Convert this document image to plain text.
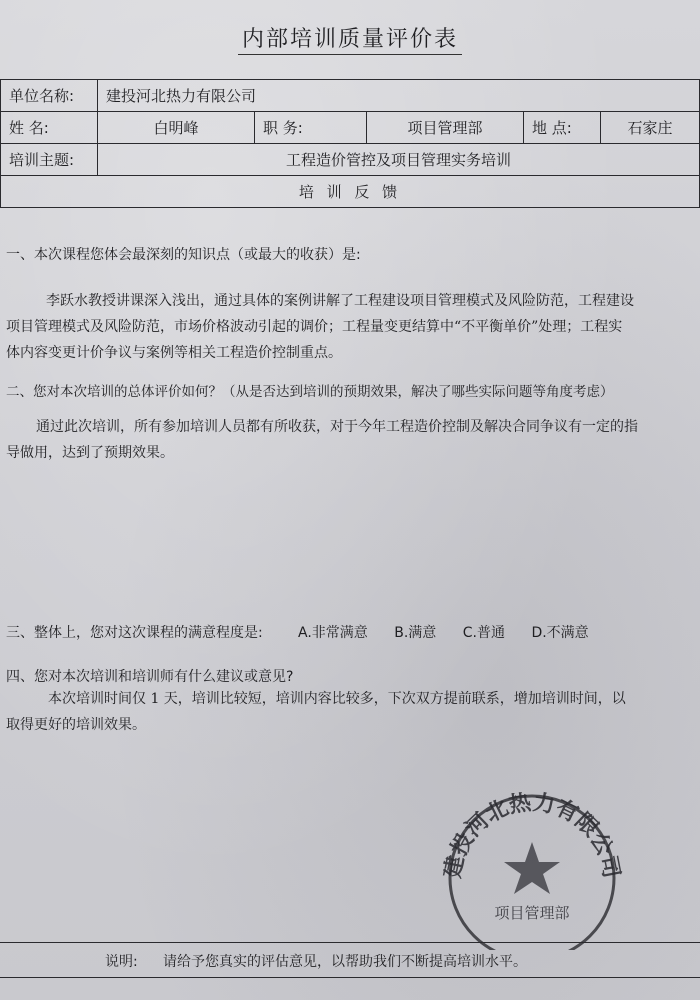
内部培训质量评价表
单位名称:	建投河北热力有限公司				
姓 名:	白明峰	职 务:	项目管理部	地 点:	石家庄
培训主题:	工程造价管控及项目管理实务培训				
培 训 反 馈					
一、本次课程您体会最深刻的知识点（或最大的收获）是:
李跃水教授讲课深入浅出，通过具体的案例讲解了工程建设项目管理模式及风险防范，工程建设
项目管理模式及风险防范，市场价格波动引起的调价；工程量变更结算中“不平衡单价”处理；工程实
体内容变更计价争议与案例等相关工程造价控制重点。
二、您对本次培训的总体评价如何？（从是否达到培训的预期效果，解决了哪些实际问题等角度考虑）
通过此次培训，所有参加培训人员都有所收获，对于今年工程造价控制及解决合同争议有一定的指
导做用，达到了预期效果。
三、整体上，您对这次课程的满意程度是:	A.非常满意 B.满意 C.普通 D.不满意
四、您对本次培训和培训师有什么建议或意见?
本次培训时间仅 1 天，培训比较短，培训内容比较多，下次双方提前联系，增加培训时间，以
取得更好的培训效果。
建投河北热力有限公司
项目管理部
说明: 请给予您真实的评估意见，以帮助我们不断提高培训水平。
